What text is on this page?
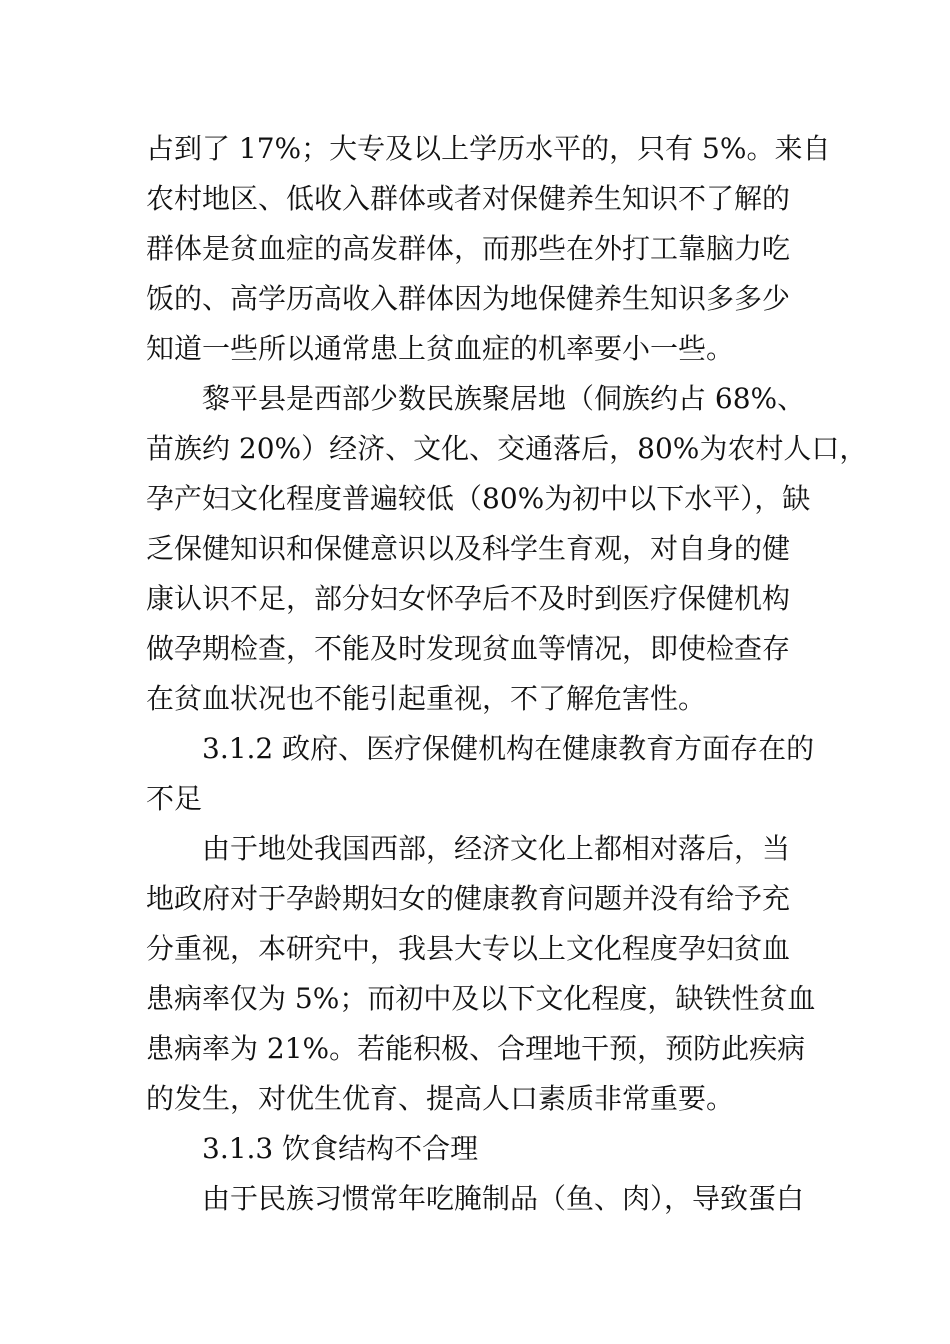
占到了 17%；大专及以上学历水平的，只有 5%。来自
农村地区、低收入群体或者对保健养生知识不了解的
群体是贫血症的高发群体，而那些在外打工靠脑力吃
饭的、高学历高收入群体因为地保健养生知识多多少
知道一些所以通常患上贫血症的机率要小一些。

黎平县是西部少数民族聚居地（侗族约占 68%、
苗族约 20%）经济、文化、交通落后，80%为农村人口，
孕产妇文化程度普遍较低（80%为初中以下水平），缺
乏保健知识和保健意识以及科学生育观，对自身的健
康认识不足，部分妇女怀孕后不及时到医疗保健机构
做孕期检查，不能及时发现贫血等情况，即使检查存
在贫血状况也不能引起重视，不了解危害性。

3.1.2 政府、医疗保健机构在健康教育方面存在的
不足

由于地处我国西部，经济文化上都相对落后，当
地政府对于孕龄期妇女的健康教育问题并没有给予充
分重视，本研究中，我县大专以上文化程度孕妇贫血
患病率仅为 5%；而初中及以下文化程度，缺铁性贫血
患病率为 21%。若能积极、合理地干预，预防此疾病
的发生，对优生优育、提高人口素质非常重要。

3.1.3 饮食结构不合理

由于民族习惯常年吃腌制品（鱼、肉），导致蛋白
